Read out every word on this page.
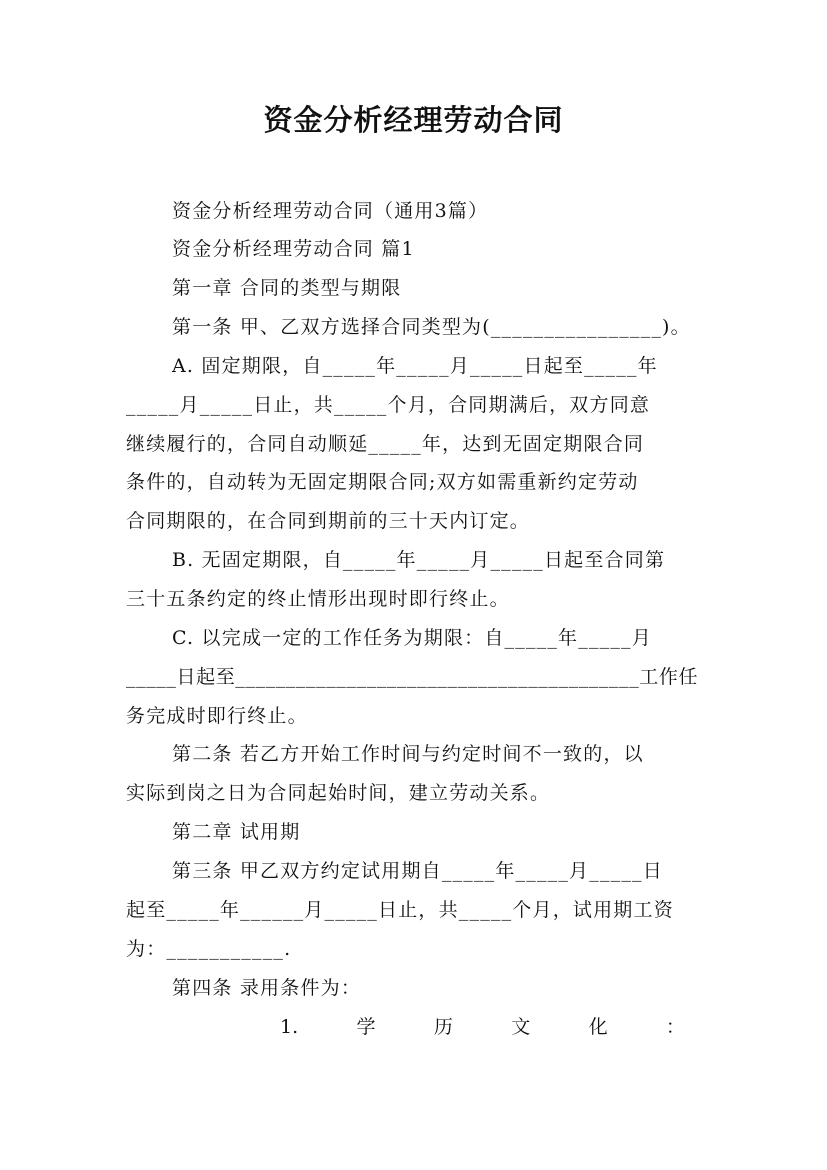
资金分析经理劳动合同
资金分析经理劳动合同（通用3篇）
资金分析经理劳动合同 篇1
第一章 合同的类型与期限
第一条 甲、乙双方选择合同类型为(________________)。
A. 固定期限，自_____年_____月_____日起至_____年
_____月_____日止，共_____个月，合同期满后，双方同意
继续履行的，合同自动顺延_____年，达到无固定期限合同
条件的，自动转为无固定期限合同;双方如需重新约定劳动
合同期限的，在合同到期前的三十天内订定。
B. 无固定期限，自_____年_____月_____日起至合同第
三十五条约定的终止情形出现时即行终止。
C. 以完成一定的工作任务为期限：自_____年_____月
_____日起至________________________________________工作任
务完成时即行终止。
第二条 若乙方开始工作时间与约定时间不一致的，以
实际到岗之日为合同起始时间，建立劳动关系。
第二章 试用期
第三条 甲乙双方约定试用期自_____年_____月_____日
起至_____年______月_____日止，共_____个月，试用期工资
为：___________.
第四条 录用条件为：
1.	学	历	文	化	：
